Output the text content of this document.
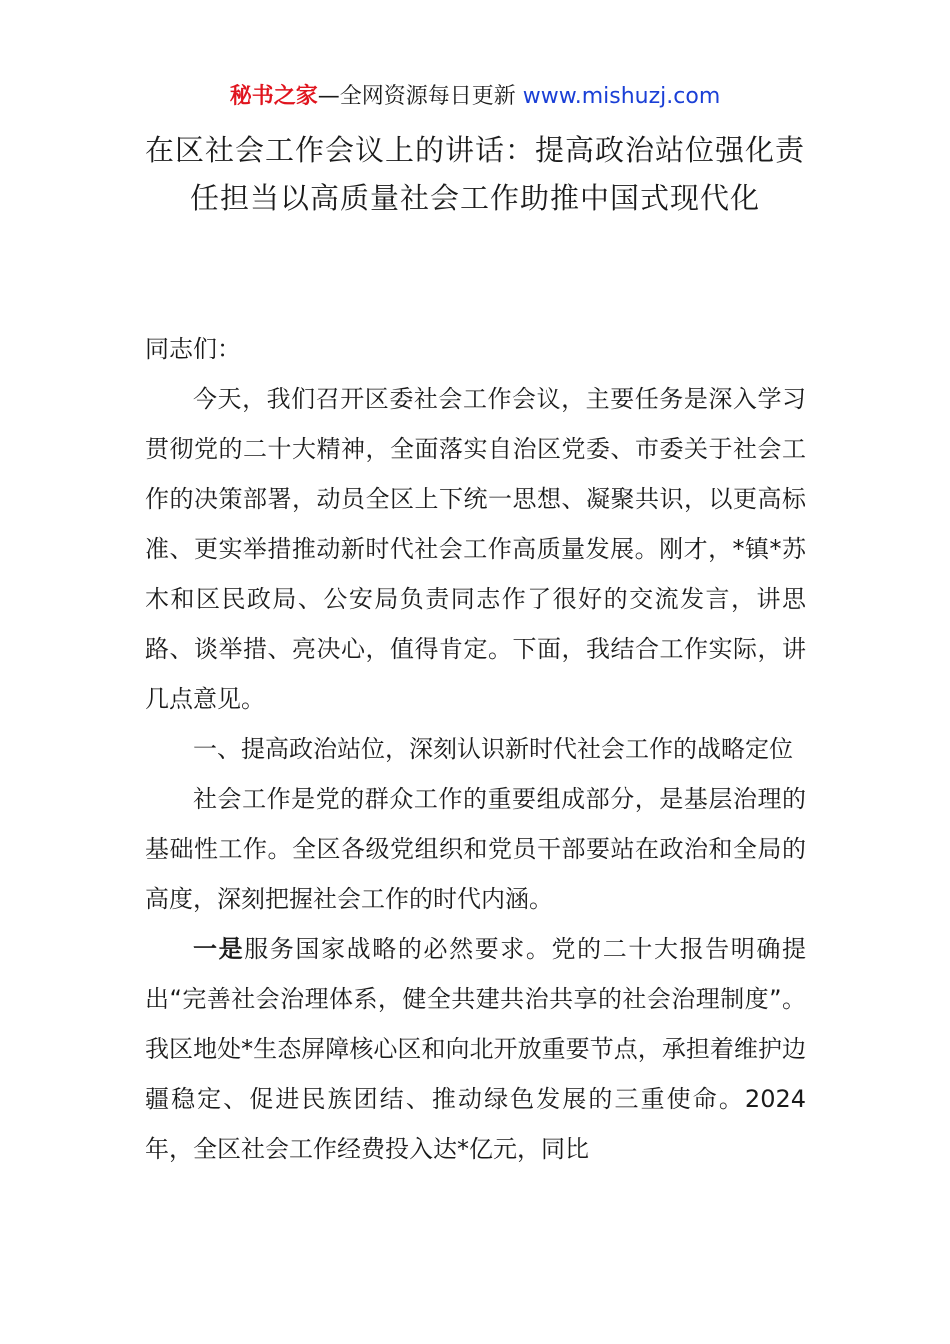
秘书之家—全网资源每日更新 www.mishuzj.com
在区社会工作会议上的讲话：提高政治站位强化责任担当以高质量社会工作助推中国式现代化

同志们：

今天，我们召开区委社会工作会议，主要任务是深入学习贯彻党的二十大精神，全面落实自治区党委、市委关于社会工作的决策部署，动员全区上下统一思想、凝聚共识，以更高标准、更实举措推动新时代社会工作高质量发展。刚才，*镇*苏木和区民政局、公安局负责同志作了很好的交流发言，讲思路、谈举措、亮决心，值得肯定。下面，我结合工作实际，讲几点意见。

一、提高政治站位，深刻认识新时代社会工作的战略定位

社会工作是党的群众工作的重要组成部分，是基层治理的基础性工作。全区各级党组织和党员干部要站在政治和全局的高度，深刻把握社会工作的时代内涵。

一是服务国家战略的必然要求。党的二十大报告明确提出“完善社会治理体系，健全共建共治共享的社会治理制度”。我区地处*生态屏障核心区和向北开放重要节点，承担着维护边疆稳定、促进民族团结、推动绿色发展的三重使命。2024年，全区社会工作经费投入达*亿元，同比
